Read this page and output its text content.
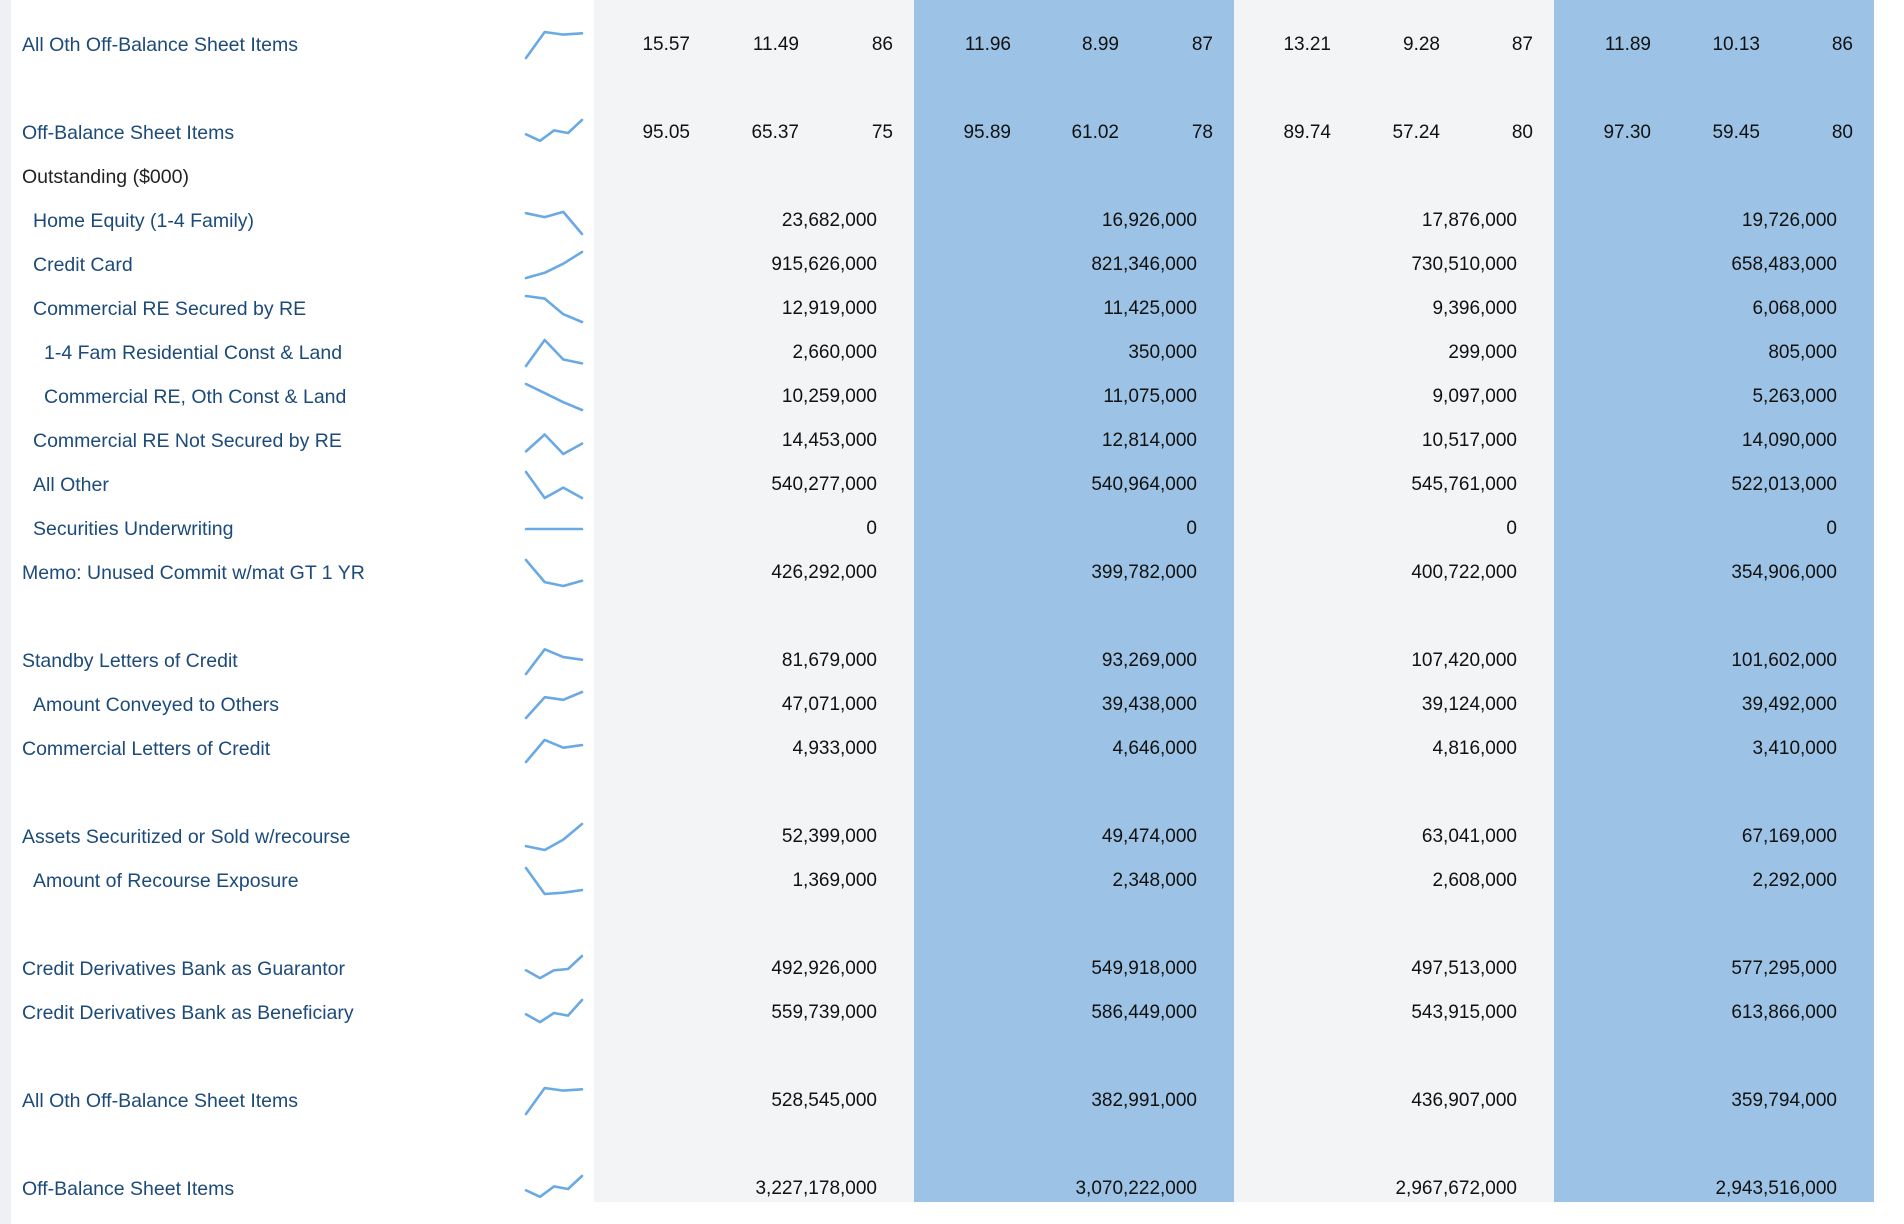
All Oth Off-Balance Sheet Items	15.57	11.49	86	11.96	8.99	87	13.21	9.28	87	11.89	10.13	86
Off-Balance Sheet Items	95.05	65.37	75	95.89	61.02	78	89.74	57.24	80	97.30	59.45	80
Outstanding ($000)
Home Equity (1-4 Family)	23,682,000	16,926,000	17,876,000	19,726,000
Credit Card	915,626,000	821,346,000	730,510,000	658,483,000
Commercial RE Secured by RE	12,919,000	11,425,000	9,396,000	6,068,000
1-4 Fam Residential Const & Land	2,660,000	350,000	299,000	805,000
Commercial RE, Oth Const & Land	10,259,000	11,075,000	9,097,000	5,263,000
Commercial RE Not Secured by RE	14,453,000	12,814,000	10,517,000	14,090,000
All Other	540,277,000	540,964,000	545,761,000	522,013,000
Securities Underwriting	0	0	0	0
Memo: Unused Commit w/mat GT 1 YR	426,292,000	399,782,000	400,722,000	354,906,000
Standby Letters of Credit	81,679,000	93,269,000	107,420,000	101,602,000
Amount Conveyed to Others	47,071,000	39,438,000	39,124,000	39,492,000
Commercial Letters of Credit	4,933,000	4,646,000	4,816,000	3,410,000
Assets Securitized or Sold w/recourse	52,399,000	49,474,000	63,041,000	67,169,000
Amount of Recourse Exposure	1,369,000	2,348,000	2,608,000	2,292,000
Credit Derivatives Bank as Guarantor	492,926,000	549,918,000	497,513,000	577,295,000
Credit Derivatives Bank as Beneficiary	559,739,000	586,449,000	543,915,000	613,866,000
All Oth Off-Balance Sheet Items	528,545,000	382,991,000	436,907,000	359,794,000
Off-Balance Sheet Items	3,227,178,000	3,070,222,000	2,967,672,000	2,943,516,000
